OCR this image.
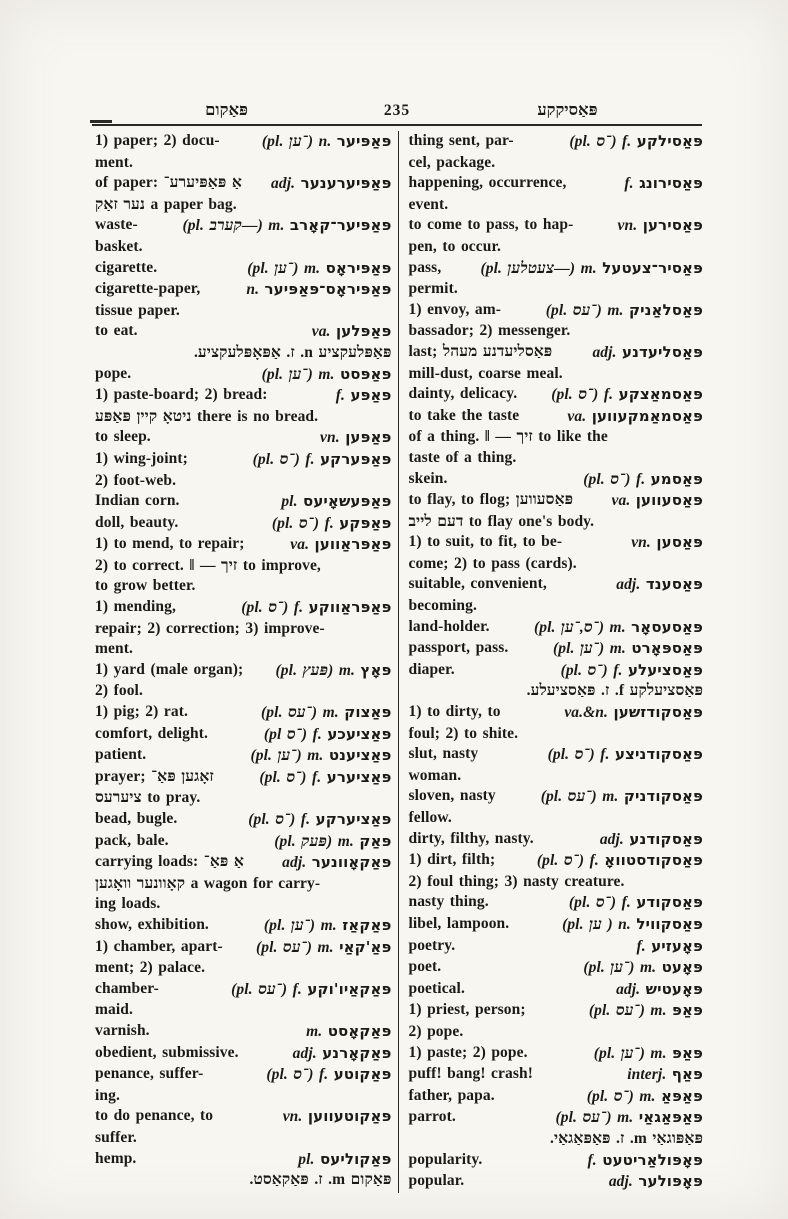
פּאַקום	235	פּאַסיקקע
1) paper; 2) docu-	(pl. ־ען) n. פּאַפּיער
ment.
of paper: אַ פּאַפּיערע־ adj. פּאַפּיערענער
נער זאַק a paper bag.
waste-	(pl. קערב—) m. פּאַפּיער־קאָרב
basket.
cigarette.	(pl. ־ען) m. פּאַפּיראָס
cigarette-paper,	n. פּאַפּיראָס־פּאַפּיער
tissue paper.
to eat.	va. פּאַפּלען
פּאַפּלעקציע n. ז. אַפּאָפּלעקציע.
pope.	(pl. ־ען) m. פּאַפּסט
1) paste-board; 2) bread:	f. פּאַפּע
ניטאָ קיין פּאַפּע there is no bread.
to sleep.	vn. פּאַפּען
1) wing-joint;	(pl. ־ס) f. פּאַפּערקע
2) foot-web.
Indian corn.	pl. פּאַפּעשאָיעס
doll, beauty.	(pl. ־ס) f. פּאַפּקע
1) to mend, to repair;	va. פּאַפּראַווען
2) to correct. ‖ — זיך to improve,
to grow better.
1) mending,	(pl. ־ס) f. פּאַפּראַווקע
repair; 2) correction; 3) improve-
ment.
1) yard (male organ); (pl. פּעץ) m. פּאָץ
2) fool.
1) pig; 2) rat.	(pl. ־עס) m. פּאַצוק
comfort, delight.	(pl ־ס) f. פּאַציעכע
patient.	(pl. ־ען) m. פּאַציענט
prayer; זאָגען פּאַ־	(pl. ־ס) f. פּאַציערע
ציערעס to pray.
bead, bugle.	(pl. ־ס) f. פּאַציערקע
pack, bale.	(pl. פּעק) m. פּאַק
carrying loads: אַ פּאַ־ adj. פּאַקאָוונער
קאָוונער וואָגען a wagon for carry-
ing loads.
show, exhibition.	(pl. ־ען) m. פּאַקאַז
1) chamber, apart- (pl. ־עס) m. פּאַ'קאַי
ment; 2) palace.
chamber-	(pl. ־עס) f. פּאַקאַיו'וקע
maid.
varnish.	m. פּאַקאָסט
obedient, submissive.	adj. פּאַקאָרנע
penance, suffer-	(pl. ־ס) f. פּאַקוטע
ing.
to do penance, to	vn. פּאַקוטעווען
suffer.
hemp.	pl. פּאַקוליעס
פּאַקום m. ז. פּאַקאַסט.
thing sent, par-	(pl. ־ס) f. פּאַסילקע
cel, package.
happening, occurrence,	f. פּאַסירונג
event.
to come to pass, to hap-	vn. פּאַסירען
pen, to occur.
pass,	(pl. צעטלען—) m. פּאַסיר־צעטעל
permit.
1) envoy, am-	(pl. ־עס) m. פּאַסלאַניק
bassador; 2) messenger.
last; פּאַסליעדנע מעהל	adj. פּאַסליעדנע
mill-dust, coarse meal.
dainty, delicacy. (pl. ־ס) f. פּאַסמאַצקע
to take the taste	va. פּאַסמאַמקעווען
of a thing. ‖ — זיך to like the
taste of a thing.
skein.	(pl. ־ס) f. פּאַסמע
to flay, to flog; פּאַסעווען va. פּאַסעווען
דעם לייב to flay one's body.
1) to suit, to fit, to be-	vn. פּאַסען
come; 2) to pass (cards).
suitable, convenient,	adj. פּאַסענד
becoming.
land-holder.	(pl. ־ס,־ען) m. פּאַסעסאָר
passport, pass.	(pl. ־ען) m. פּאַספּאָרט
diaper.	(pl. ־ס) f. פּאַסציעלע
פּאַסציעלקע f. ז. פּאַסציעלע.
1) to dirty, to	va.&n. פּאַסקודזשען
foul; 2) to shite.
slut, nasty	(pl. ־ס) f. פּאַסקודניצע
woman.
sloven, nasty	(pl. ־עס) m. פּאַסקודניק
fellow.
dirty, filthy, nasty.	adj. פּאַסקודנע
1) dirt, filth;	(pl. ־ס) f. פּאַסקודסטוואָ
2) foul thing; 3) nasty creature.
nasty thing.	(pl. ־ס) f. פּאַסקודע
libel, lampoon.	(pl. ען ) n. פּאַסקוויל
poetry.	f. פּאָעזיע
poet.	(pl. ־ען) m. פּאָעט
poetical.	adj. פּאָעטיש
1) priest, person;	(pl. ־עס) m. פּאַפּ
2) pope.
1) paste; 2) pope.	(pl. ־ען) m. פּאַפּ
puff! bang! crash!	interj. פּאַף
father, papa.	(pl. ־ס) m. פּאַפּאַ
parrot.	(pl. ־עס) m. פּאַפּאַגאַי
פּאַפּוגאַי m. ז. פּאַפּאַגאַי.
popularity.	f. פּאָפּולאַריטעט
popular.	adj. פּאָפּולער
